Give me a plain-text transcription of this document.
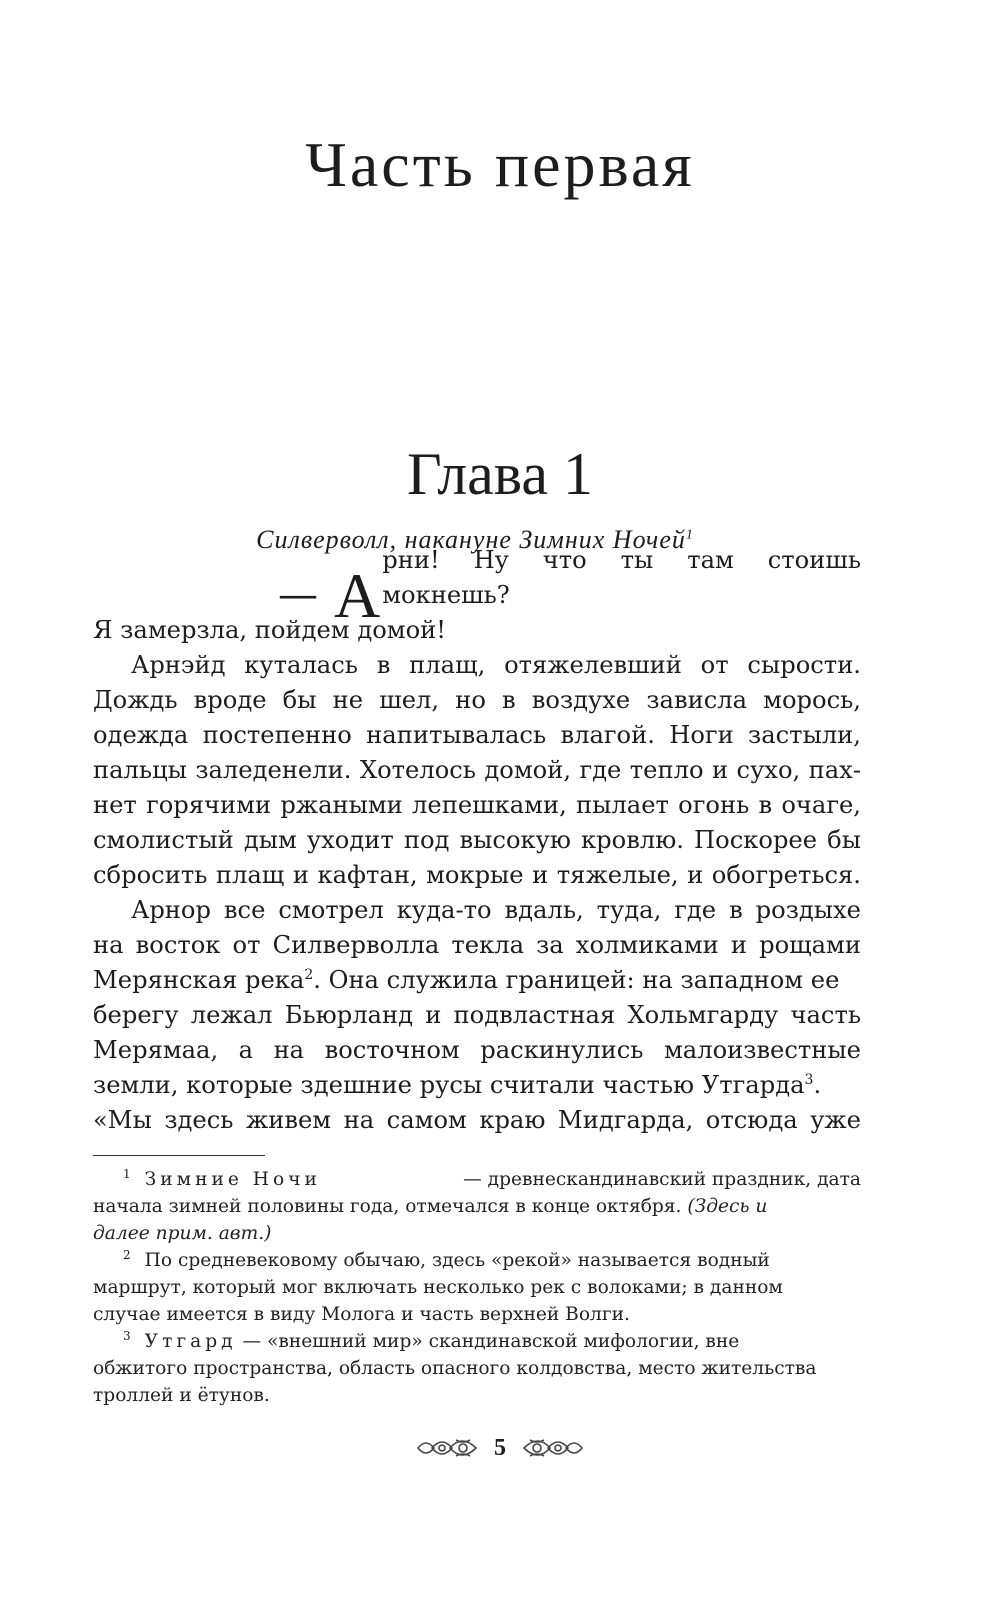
Часть первая
Глава 1
Силверволл, накануне Зимних Ночей$^1$
— А рни! Ну что ты там стоишь мокнешь?
Я замерзла, пойдем домой!
Арнэйд куталась в плащ, отяжелевший от сырости.
Дождь вроде бы не шел, но в воздухе зависла морось,
одежда постепенно напитывалась влагой. Ноги застыли,
пальцы заледенели. Хотелось домой, где тепло и сухо, пах-
нет горячими ржаными лепешками, пылает огонь в очаге,
смолистый дым уходит под высокую кровлю. Поскорее бы
сбросить плащ и кафтан, мокрые и тяжелые, и обогреться.
Арнор все смотрел куда-то вдаль, туда, где в роздыхе
на восток от Силверволла текла за холмиками и рощами
Мерянская река$^2$. Она служила границей: на западном ее
берегу лежал Бьюрланд и подвластная Хольмгарду часть
Мерямаа, а на восточном раскинулись малоизвестные
земли, которые здешние русы считали частью Утгарда$^3$.
«Мы здесь живем на самом краю Мидгарда, отсюда уже
$^1$ Зимние Ночи	— древнескандинавский праздник, дата
начала зимней половины года, отмечался в конце октября. (Здесь и
далее прим. авт.)
$^2$ По средневековому обычаю, здесь «рекой» называется водный
маршрут, который мог включать несколько рек с волоками; в данном
случае имеется в виду Молога и часть верхней Волги.
$^3$ Утгард — «внешний мир» скандинавской мифологии, вне
обжитого пространства, область опасного колдовства, место жительства
троллей и ётунов.
5
